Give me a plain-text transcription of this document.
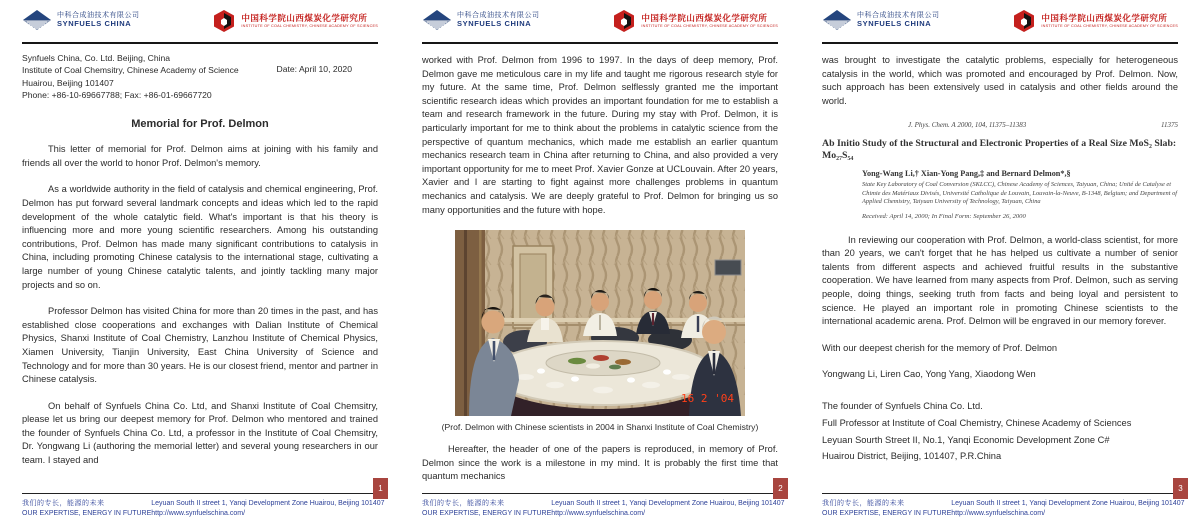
中科合成油技术有限公司
SYNFUELS CHINA
中国科学院山西煤炭化学研究所
INSTITUTE OF COAL CHEMISTRY, CHINESE ACADEMY OF SCIENCES
Synfuels China, Co. Ltd. Beijing, China
Institute of Coal Chemsitry, Chinese Academy of Science
Huairou, Beijing 101407
Phone: +86-10-69667788; Fax: +86-01-69667720
Date: April 10, 2020
Memorial for Prof. Delmon

This letter of memorial for Prof. Delmon aims at joining with his family and friends all over the world to honor Prof. Delmon's memory.

As a worldwide authority in the field of catalysis and chemical engineering, Prof. Delmon has put forward several landmark concepts and ideas which led to the rapid development of the whole catalytic field. What's important is that his theory is influencing more and more young scientific researchers. Among his outstanding contributions, Prof. Delmon has made many significant contributions to catalysis in China, including promoting Chinese catalysis to the international stage, cultivating a large number of young Chinese catalytic talents, and jointly tackling many major projects and so on.

Professor Delmon has visited China for more than 20 times in the past, and has established close cooperations and exchanges with Dalian Institute of Chemical Physics, Shanxi Institute of Coal Chemistry, Lanzhou Institute of Chemical Physics, Xiamen University, Tianjin University, East China University of Science and Technology and for more than 30 years. He is our closest friend, mentor and partner in Chinese catalysis.

On behalf of Synfuels China Co. Ltd, and Shanxi Institute of Coal Chemsitry, please let us bring our deepest memory for Prof. Delmon who mentored and trained the founder of Synfuels China Co. Ltd, a professor in the Institute of Coal Chemsitry, Dr. Yongwang Li (authoring the memorial letter) and several young researchers in our team. I stayed and

1
我们的专长，能源的未来
OUR EXPERTISE, ENERGY IN FUTURE
Leyuan South II street 1, Yanqi Development Zone Huairou, Beijing 101407
http://www.synfuelschina.com/
中科合成油技术有限公司
SYNFUELS CHINA
中国科学院山西煤炭化学研究所
INSTITUTE OF COAL CHEMISTRY, CHINESE ACADEMY OF SCIENCES

worked with Prof. Delmon from 1996 to 1997. In the days of deep memory, Prof. Delmon gave me meticulous care in my life and taught me rigorous research style for my future. At the same time, Prof. Delmon selflessly granted me the important scientific research ideas which provides an important foundation for me to establish a team and research framework in the future. During my stay with Prof. Delmon, it is particularly important for me to think about the problems in catalytic science from the perspective of quantum mechanics, which made me establish an earlier quantum mechanics research team in China after returning to China, and also provided a very important opportunity for me to meet Prof. Xavier Gonze at UCLouvain. After 20 years, Xavier and I are starting to fight against more challenges problems in quantum mechanics and catalysis. We are deeply grateful to Prof. Delmon for bringing us so many opportunities and the future with hope.

16 2 '04
(Prof. Delmon with Chinese scientists in 2004 in Shanxi Institute of Coal Chemistry)

Hereafter, the header of one of the papers is reproduced, in memory of Prof. Delmon since the work is a milestone in my mind. It is probably the first time that quantum mechanics

2
我们的专长，能源的未来
OUR EXPERTISE, ENERGY IN FUTURE
Leyuan South II street 1, Yanqi Development Zone Huairou, Beijing 101407
http://www.synfuelschina.com/
中科合成油技术有限公司
SYNFUELS CHINA
中国科学院山西煤炭化学研究所
INSTITUTE OF COAL CHEMISTRY, CHINESE ACADEMY OF SCIENCES

was brought to investigate the catalytic problems, especially for heterogeneous catalysis in the world, which was promoted and encouraged by Prof. Delmon. Now, such approach has been extensively used in catalysis and other fields around the world.

J. Phys. Chem. A 2000, 104, 11375–11383	11375
Ab Initio Study of the Structural and Electronic Properties of a Real Size MoS₂ Slab: Mo₂₇S₅₄
Yong-Wang Li,† Xian-Yong Pang,‡ and Bernard Delmon*,§
State Key Laboratory of Coal Conversion (SKLCC), Chinese Academy of Sciences, Taiyuan, China; Unité de Catalyse et Chimie des Matériaux Divisés, Université Catholique de Louvain, Louvain-la-Neuve, B-1348, Belgium; and Department of Applied Chemistry, Taiyuan University of Technology, Taiyuan, China
Received: April 14, 2000; In Final Form: September 26, 2000

In reviewing our cooperation with Prof. Delmon, a world-class scientist, for more than 20 years, we can't forget that he has helped us cultivate a number of senior talents from different aspects and achieved fruitful results in the substantive cooperation. We have learned from many aspects from Prof. Delmon, such as serving people, doing things, seeking truth from facts and being loyal and persistent to science. He played an important role in promoting Chinese scientists to the international academic arena. Prof. Delmon will be engraved in our memory forever.

With our deepest cherish for the memory of Prof. Delmon

Yongwang Li, Liren Cao, Yong Yang, Xiaodong Wen

The founder of Synfuels China Co. Ltd.
Full Professor at Institute of Coal Chemistry, Chinese Academy of Sciences
Leyuan Sourth Street II, No.1, Yanqi Economic Development Zone C#
Huairou District, Beijing, 101407, P.R.China
3
我们的专长，能源的未来
OUR EXPERTISE, ENERGY IN FUTURE
Leyuan South II street 1, Yanqi Development Zone Huairou, Beijing 101407
http://www.synfuelschina.com/
